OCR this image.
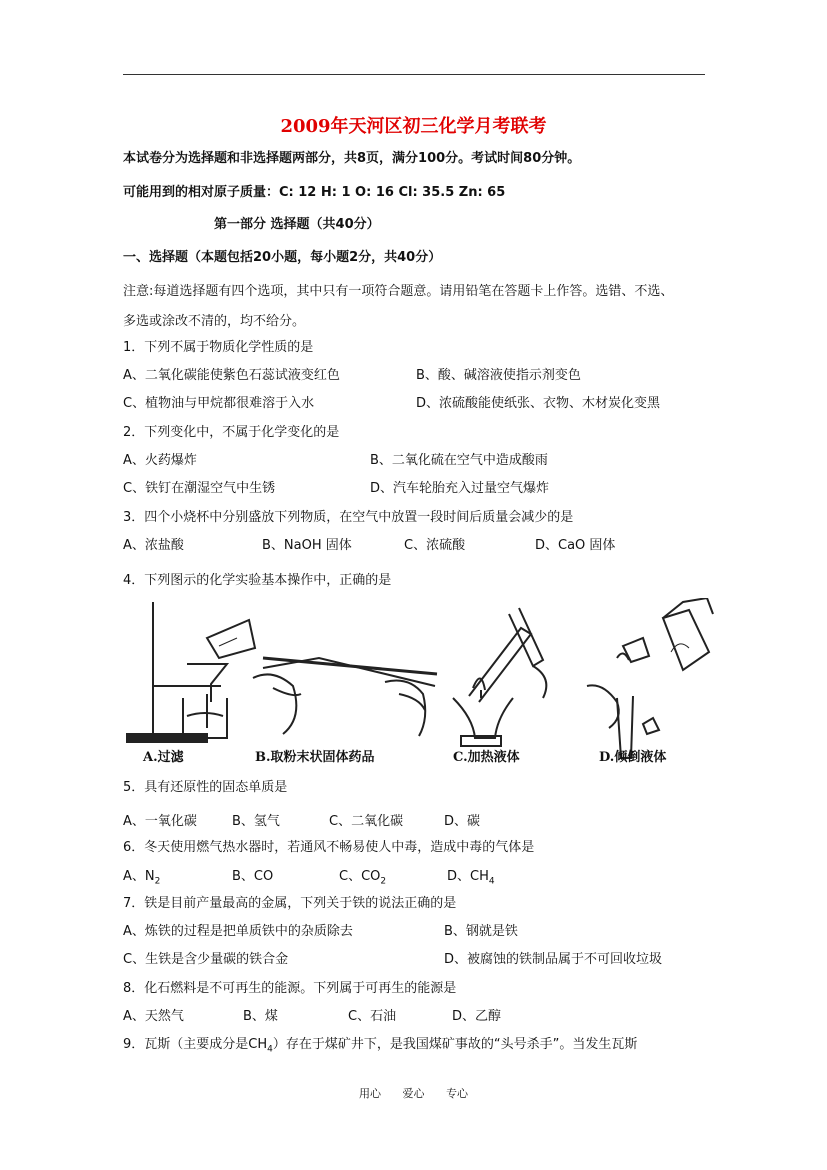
2009年天河区初三化学月考联考
本试卷分为选择题和非选择题两部分，共8页，满分100分。考试时间80分钟。
可能用到的相对原子质量：C: 12 H: 1 O: 16 Cl: 35.5 Zn: 65
第一部分 选择题（共40分）
一、选择题（本题包括20小题，每小题2分，共40分）
注意:每道选择题有四个选项，其中只有一项符合题意。请用铅笔在答题卡上作答。选错、不选、
多选或涂改不清的，均不给分。
1．下列不属于物质化学性质的是
A、二氧化碳能使紫色石蕊试液变红色	B、酸、碱溶液使指示剂变色
C、植物油与甲烷都很难溶于入水	D、浓硫酸能使纸张、衣物、木材炭化变黑
2．下列变化中，不属于化学变化的是
A、火药爆炸	B、二氧化硫在空气中造成酸雨
C、铁钉在潮湿空气中生锈	D、汽车轮胎充入过量空气爆炸
3．四个小烧杯中分别盛放下列物质，在空气中放置一段时间后质量会减少的是
A、浓盐酸	B、NaOH 固体	C、浓硫酸	D、CaO 固体
4．下列图示的化学实验基本操作中，正确的是
A.过滤	B.取粉末状固体药品	C.加热液体	D.倾倒液体
5．具有还原性的固态单质是
A、一氧化碳	B、氢气	C、二氧化碳	D、碳
6．冬天使用燃气热水器时，若通风不畅易使人中毒，造成中毒的气体是
A、$N_2$	B、CO	C、$CO_2$	D、$CH_4$
7．铁是目前产量最高的金属，下列关于铁的说法正确的是
A、炼铁的过程是把单质铁中的杂质除去	B、钢就是铁
C、生铁是含少量碳的铁合金	D、被腐蚀的铁制品属于不可回收垃圾
8．化石燃料是不可再生的能源。下列属于可再生的能源是
A、天然气	B、煤	C、石油	D、乙醇
9．瓦斯（主要成分是$CH_4$）存在于煤矿井下，是我国煤矿事故的“头号杀手”。当发生瓦斯
用心 爱心 专心
